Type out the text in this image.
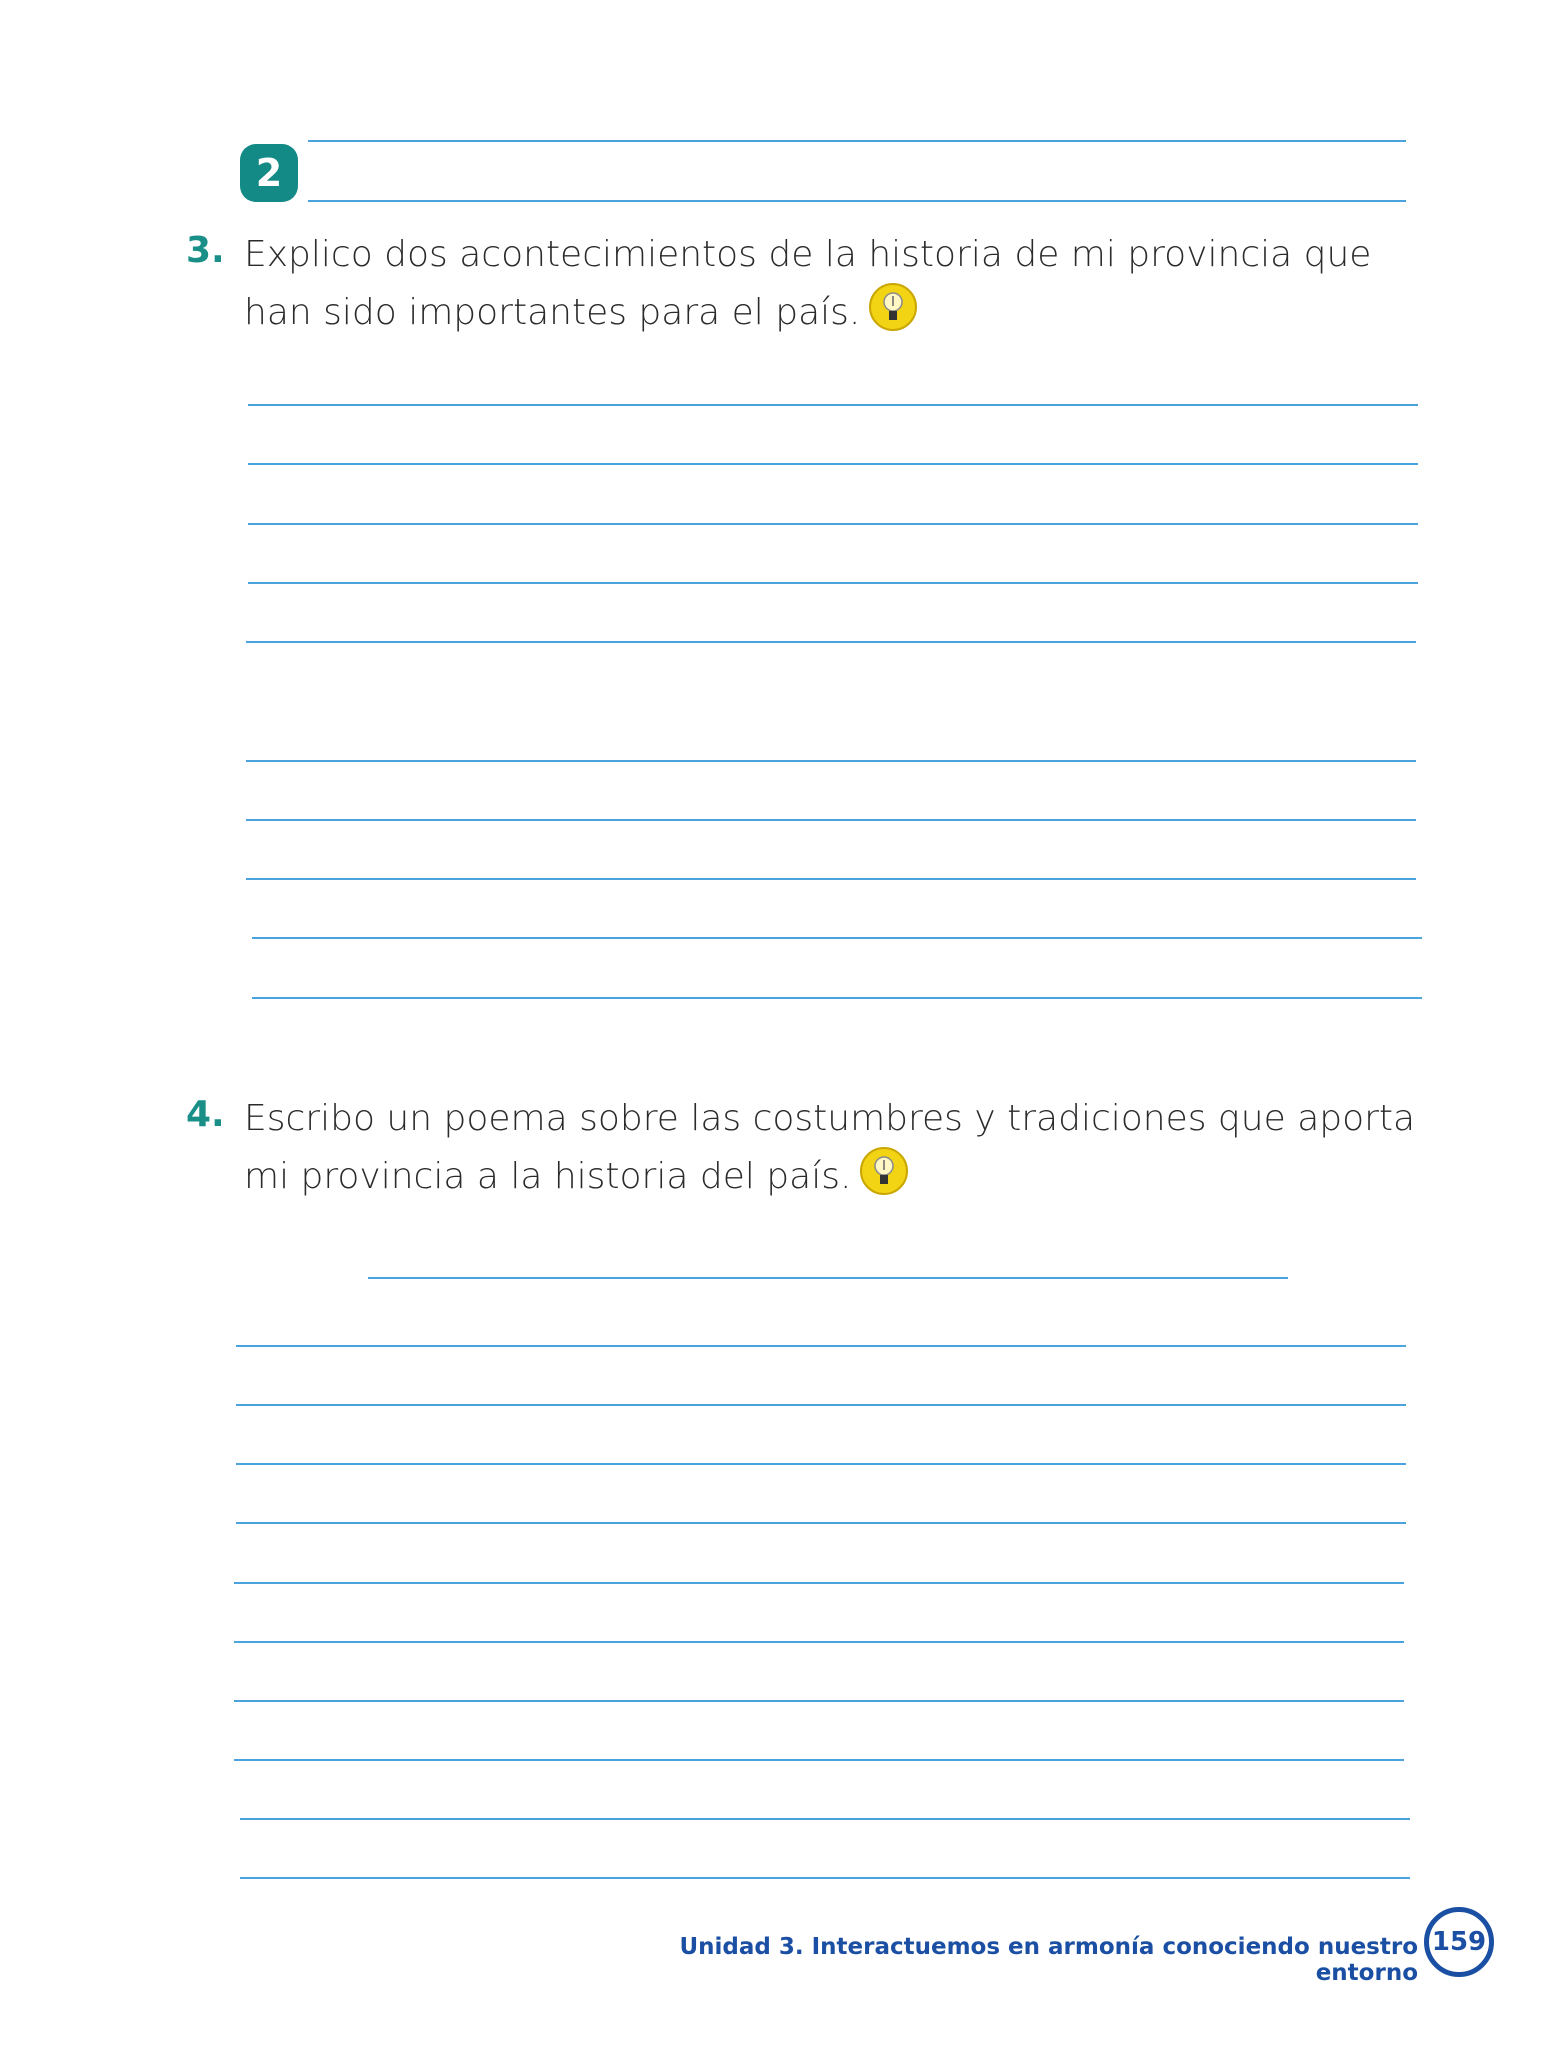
2
3. Explico dos acontecimientos de la historia de mi provincia que han sido importantes para el país.
4. Escribo un poema sobre las costumbres y tradiciones que aporta mi provincia a la historia del país.
Unidad 3. Interactuemos en armonía conociendo nuestro entorno
159
